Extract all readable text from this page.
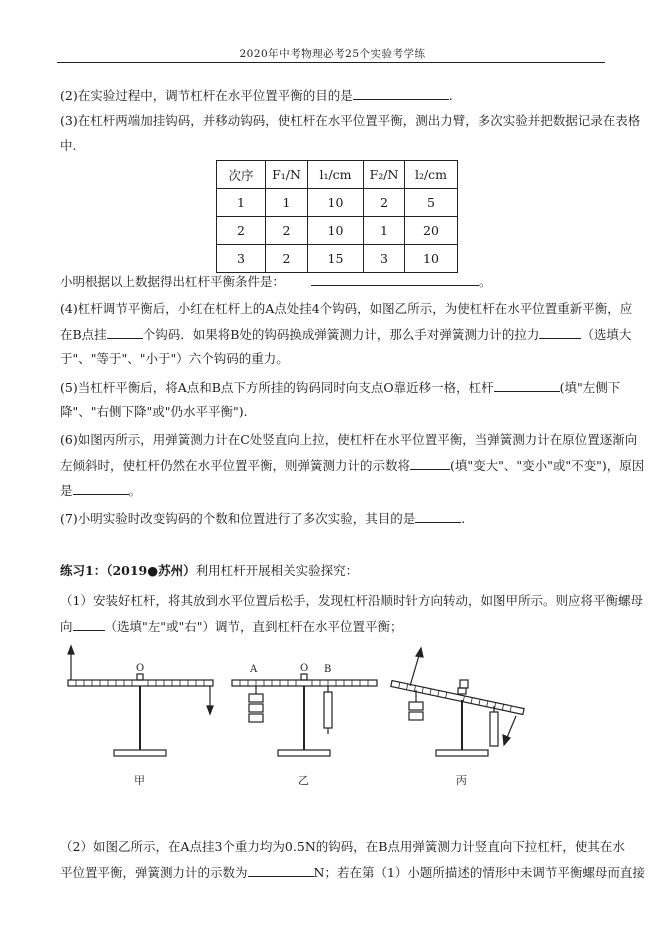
2020年中考物理必考25个实验考学练
(2)在实验过程中，调节杠杆在水平位置平衡的目的是	.
(3)在杠杆两端加挂钩码，并移动钩码，使杠杆在水平位置平衡，测出力臂，多次实验并把数据记录在表格
中.
次序	F₁/N	l₁/cm	F₂/N	l₂/cm
1	1	10	2	5
2	2	10	1	20
3	2	15	3	10
小明根据以上数据得出杠杆平衡条件是：	。
(4)杠杆调节平衡后，小红在杠杆上的A点处挂4个钩码，如图乙所示，为使杠杆在水平位置重新平衡，应
在B点挂	个钩码．如果将B处的钩码换成弹簧测力计，那么手对弹簧测力计的拉力	（选填大
于"、"等于"、"小于"）六个钩码的重力。
(5)当杠杆平衡后，将A点和B点下方所挂的钩码同时向支点O靠近移一格，杠杆	(填"左侧下
降"、"右侧下降"或"仍水平平衡").
(6)如图丙所示，用弹簧测力计在C处竖直向上拉，使杠杆在水平位置平衡，当弹簧测力计在原位置逐渐向
左倾斜时，使杠杆仍然在水平位置平衡，则弹簧测力计的示数将	(填"变大"、"变小"或"不变")，原因
是	。
(7)小明实验时改变钩码的个数和位置进行了多次实验，其目的是	.
练习1：（2019●苏州）利用杠杆开展相关实验探究：
（1）安装好杠杆，将其放到水平位置后松手，发现杠杆沿顺时针方向转动，如图甲所示。则应将平衡螺母
向	（选填"左"或"右"）调节，直到杠杆在水平位置平衡；
O
甲
A	O B
乙	丙
（2）如图乙所示，在A点挂3个重力均为0.5N的钩码，在B点用弹簧测力计竖直向下拉杠杆，使其在水
平位置平衡，弹簧测力计的示数为	N；若在第（1）小题所描述的情形中未调节平衡螺母而直接
